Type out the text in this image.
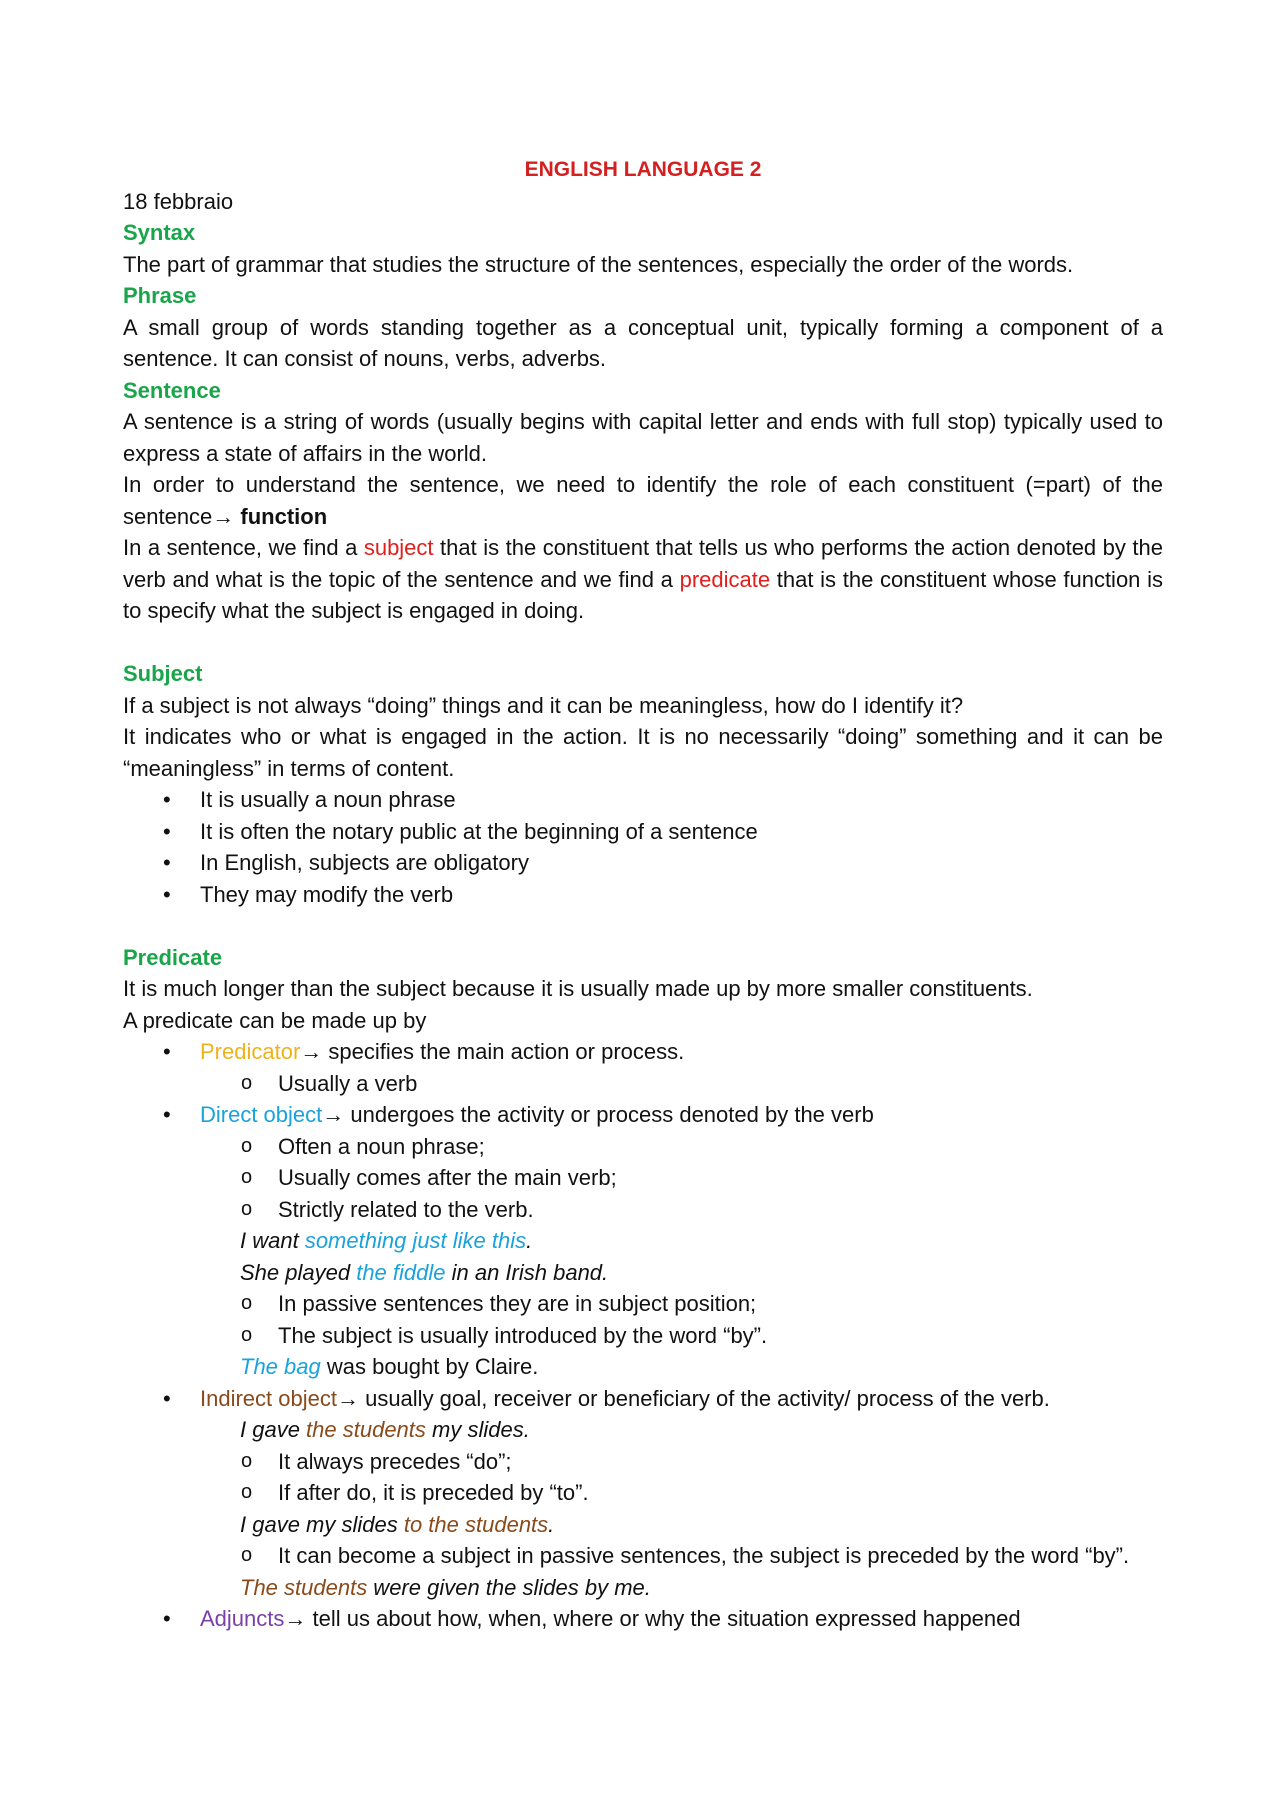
ENGLISH LANGUAGE 2

18 febbraio

Syntax

The part of grammar that studies the structure of the sentences, especially the order of the words.

Phrase

A small group of words standing together as a conceptual unit, typically forming a component of a sentence. It can consist of nouns, verbs, adverbs.

Sentence

A sentence is a string of words (usually begins with capital letter and ends with full stop) typically used to express a state of affairs in the world.

In order to understand the sentence, we need to identify the role of each constituent (=part) of the sentence→ function

In a sentence, we find a subject that is the constituent that tells us who performs the action denoted by the verb and what is the topic of the sentence and we find a predicate that is the constituent whose function is to specify what the subject is engaged in doing.

Subject

If a subject is not always “doing” things and it can be meaningless, how do I identify it?

It indicates who or what is engaged in the action. It is no necessarily “doing” something and it can be “meaningless” in terms of content.

• It is usually a noun phrase
• It is often the notary public at the beginning of a sentence
• In English, subjects are obligatory
• They may modify the verb

Predicate

It is much longer than the subject because it is usually made up by more smaller constituents.

A predicate can be made up by

• Predicator→ specifies the main action or process.
o Usually a verb
• Direct object→ undergoes the activity or process denoted by the verb
o Often a noun phrase;
o Usually comes after the main verb;
o Strictly related to the verb.
I want something just like this.
She played the fiddle in an Irish band.
o In passive sentences they are in subject position;
o The subject is usually introduced by the word “by”.
The bag was bought by Claire.
• Indirect object→ usually goal, receiver or beneficiary of the activity/ process of the verb.
I gave the students my slides.
o It always precedes “do”;
o If after do, it is preceded by “to”.
I gave my slides to the students.
o It can become a subject in passive sentences, the subject is preceded by the word “by”.
The students were given the slides by me.
• Adjuncts→ tell us about how, when, where or why the situation expressed happened
